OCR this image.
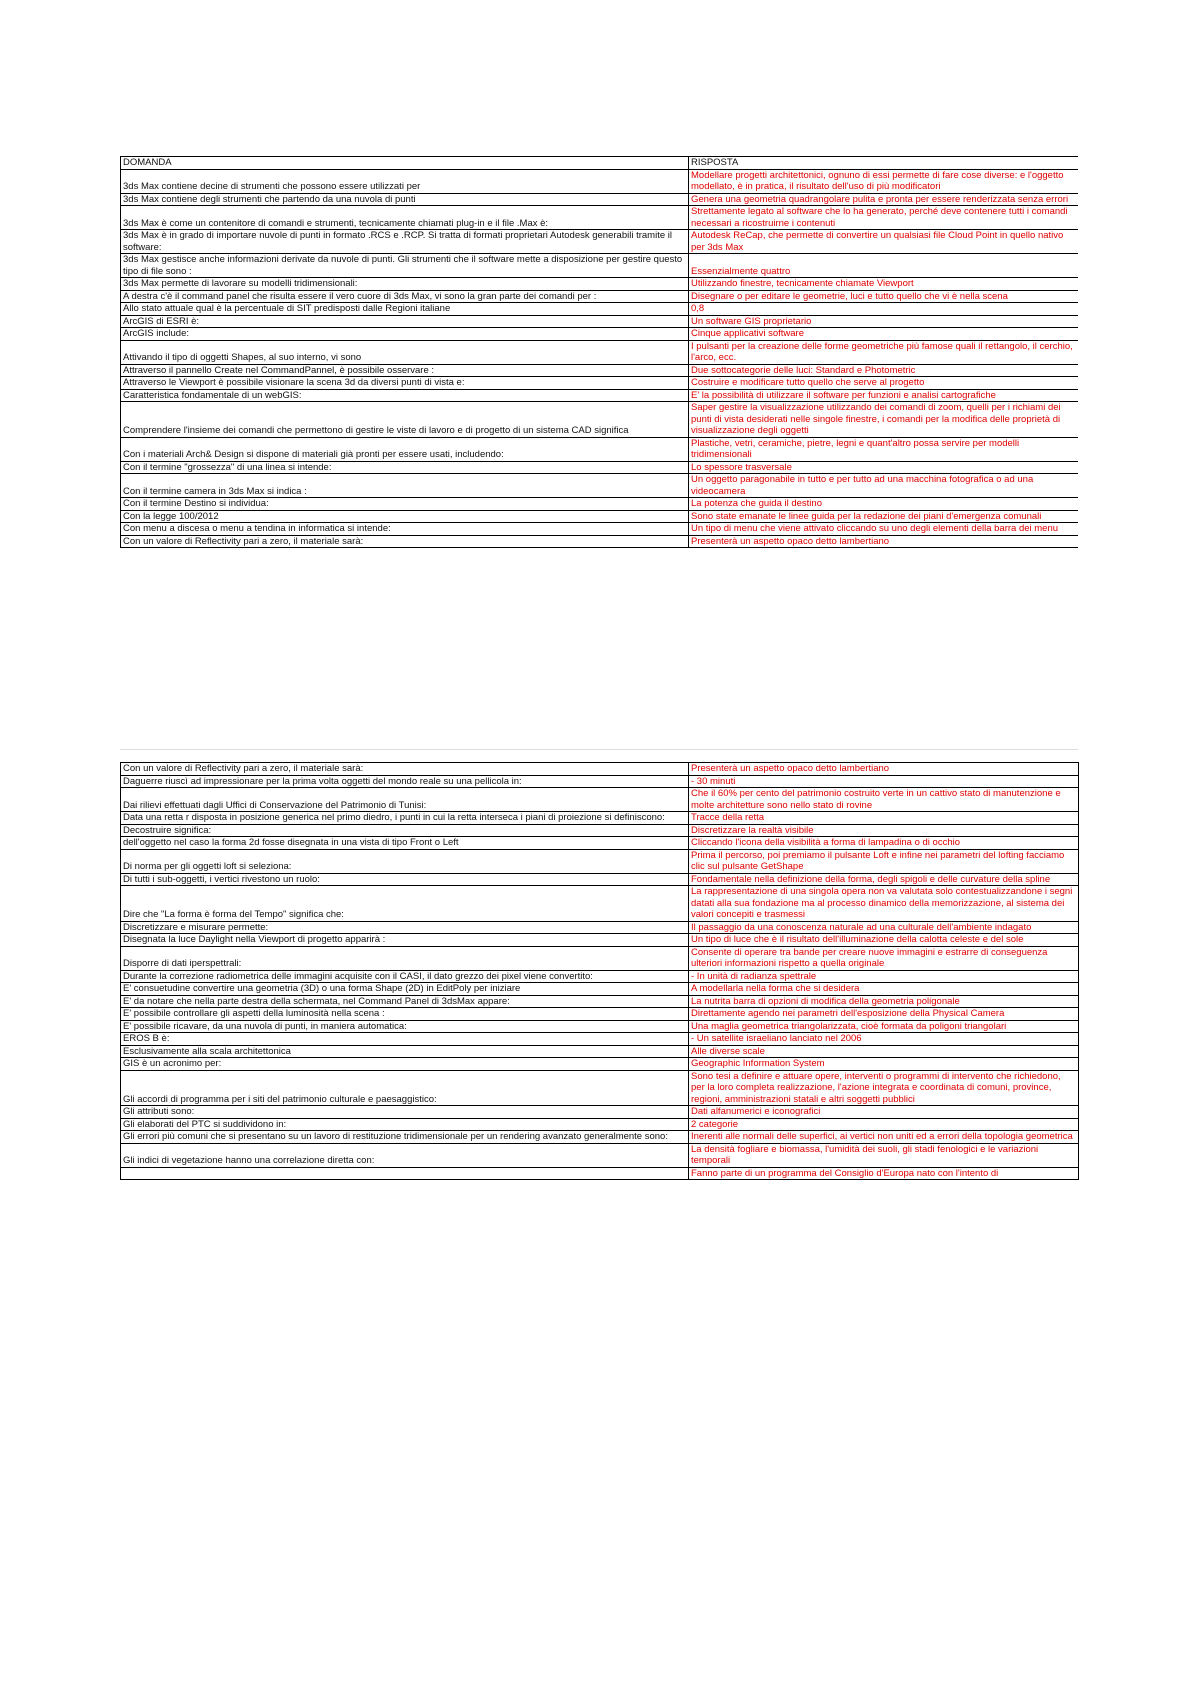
DOMANDA	RISPOSTA
3ds Max contiene decine di strumenti che possono essere utilizzati per	Modellare progetti architettonici, ognuno di essi permette di fare cose diverse: e l'oggetto modellato, è in pratica, il risultato dell'uso di più modificatori
3ds Max contiene degli strumenti che partendo da una nuvola di punti	Genera una geometria quadrangolare pulita e pronta per essere renderizzata senza errori
3ds Max è come un contenitore di comandi e strumenti, tecnicamente chiamati plug-in e il file .Max è:	Strettamente legato al software che lo ha generato, perché deve contenere tutti i comandi necessari a ricostruirne i contenuti
3ds Max è in grado di importare nuvole di punti in formato .RCS e .RCP. Si tratta di formati proprietari Autodesk generabili tramite il software:	Autodesk ReCap, che permette di convertire un qualsiasi file Cloud Point in quello nativo per 3ds Max
3ds Max gestisce anche informazioni derivate da nuvole di punti. Gli strumenti che il software mette a disposizione per gestire questo tipo di file sono :	Essenzialmente quattro
3ds Max permette di lavorare su modelli tridimensionali:	Utilizzando finestre, tecnicamente chiamate Viewport
A destra c'è il command panel che risulta essere il vero cuore di 3ds Max, vi sono la gran parte dei comandi per :	Disegnare o per editare le geometrie, luci e tutto quello che vi è nella scena
Allo stato attuale qual è la percentuale di SIT predisposti dalle Regioni italiane	0,8
ArcGIS di ESRI è:	Un software GIS proprietario
ArcGIS include:	Cinque applicativi software
Attivando il tipo di oggetti Shapes, al suo interno, vi sono	I pulsanti per la creazione delle forme geometriche più famose quali il rettangolo, il cerchio, l'arco, ecc.
Attraverso il pannello Create nel CommandPannel, è possibile osservare :	Due sottocategorie delle luci: Standard e Photometric
Attraverso le Viewport è possibile visionare la scena 3d da diversi punti di vista e:	Costruire e modificare tutto quello che serve al progetto
Caratteristica fondamentale di un webGIS:	E' la possibilità di utilizzare il software per funzioni e analisi cartografiche
Comprendere l'insieme dei comandi che permettono di gestire le viste di lavoro e di progetto di un sistema CAD significa	Saper gestire la visualizzazione utilizzando dei comandi di zoom, quelli per i richiami dei punti di vista desiderati nelle singole finestre, i comandi per la modifica delle proprietà di visualizzazione degli oggetti
Con i materiali Arch& Design si dispone di materiali già pronti per essere usati, includendo:	Plastiche, vetri, ceramiche, pietre, legni e quant'altro possa servire per modelli tridimensionali
Con il termine "grossezza" di una linea si intende:	Lo spessore trasversale
Con il termine camera in 3ds Max si indica :	Un oggetto paragonabile in tutto e per tutto ad una macchina fotografica o ad una videocamera
Con il termine Destino si individua:	La potenza che guida il destino
Con la legge 100/2012	Sono state emanate le linee guida per la redazione dei piani d'emergenza comunali
Con menu a discesa o menu a tendina in informatica si intende:	Un tipo di menu che viene attivato cliccando su uno degli elementi della barra dei menu
Con un valore di Reflectivity pari a zero, il materiale sarà:	Presenterà un aspetto opaco detto lambertiano
Con un valore di Reflectivity pari a zero, il materiale sarà:	Presenterà un aspetto opaco detto lambertiano
Daguerre riuscì ad impressionare per la prima volta oggetti del mondo reale su una pellicola in:	- 30 minuti
Dai rilievi effettuati dagli Uffici di Conservazione del Patrimonio di Tunisi:	Che il 60% per cento del patrimonio costruito verte in un cattivo stato di manutenzione e molte architetture sono nello stato di rovine
Data una retta r disposta in posizione generica nel primo diedro, i punti in cui la retta interseca i piani di proiezione si definiscono:	Tracce della retta
Decostruire significa:	Discretizzare la realtà visibile
dell'oggetto nel caso la forma 2d fosse disegnata in una vista di tipo Front o Left	Cliccando l'icona della visibilità a forma di lampadina o di occhio
Di norma per gli oggetti loft si seleziona:	Prima il percorso, poi premiamo il pulsante Loft e infine nei parametri del lofting facciamo clic sul pulsante GetShape
Di tutti i sub-oggetti, i vertici rivestono un ruolo:	Fondamentale nella definizione della forma, degli spigoli e delle curvature della spline
Dire che "La forma è forma del Tempo" significa che:	La rappresentazione di una singola opera non va valutata solo contestualizzandone i segni datati alla sua fondazione ma al processo dinamico della memorizzazione, al sistema dei valori concepiti e trasmessi
Discretizzare e misurare permette:	Il passaggio da una conoscenza naturale ad una culturale dell'ambiente indagato
Disegnata la luce Daylight nella Viewport di progetto apparirà :	Un tipo di luce che è il risultato dell'illuminazione della calotta celeste e del sole
Disporre di dati iperspettrali:	Consente di operare tra bande per creare nuove immagini e estrarre di conseguenza ulteriori informazioni rispetto a quella originale
Durante la correzione radiometrica delle immagini acquisite con il CASI, il dato grezzo dei pixel viene convertito:	- In unità di radianza spettrale
E' consuetudine convertire una geometria (3D) o una forma Shape (2D) in EditPoly per iniziare	A modellarla nella forma che si desidera
E' da notare che nella parte destra della schermata, nel Command Panel di 3dsMax appare:	La nutrita barra di opzioni di modifica della geometria poligonale
E' possibile controllare gli aspetti della luminosità nella scena :	Direttamente agendo nei parametri dell'esposizione della Physical Camera
E' possibile ricavare, da una nuvola di punti, in maniera automatica:	Una maglia geometrica triangolarizzata, cioè formata da poligoni triangolari
EROS B è:	- Un satellite israeliano lanciato nel 2006
Esclusivamente alla scala architettonica	Alle diverse scale
GIS è un acronimo per:	Geographic Information System
Gli accordi di programma per i siti del patrimonio culturale e paesaggistico:	Sono tesi a definire e attuare opere, interventi o programmi di intervento che richiedono, per la loro completa realizzazione, l'azione integrata e coordinata di comuni, province, regioni, amministrazioni statali e altri soggetti pubblici
Gli attributi sono:	Dati alfanumerici e iconografici
Gli elaborati del PTC si suddividono in:	2 categorie
Gli errori più comuni che si presentano su un lavoro di restituzione tridimensionale per un rendering avanzato generalmente sono:	Inerenti alle normali delle superfici, ai vertici non uniti ed a errori della topologia geometrica
Gli indici di vegetazione hanno una correlazione diretta con:	La densità fogliare e biomassa, l'umidità dei suoli, gli stadi fenologici e le variazioni temporali
	Fanno parte di un programma del Consiglio d'Europa nato con l'intento di
